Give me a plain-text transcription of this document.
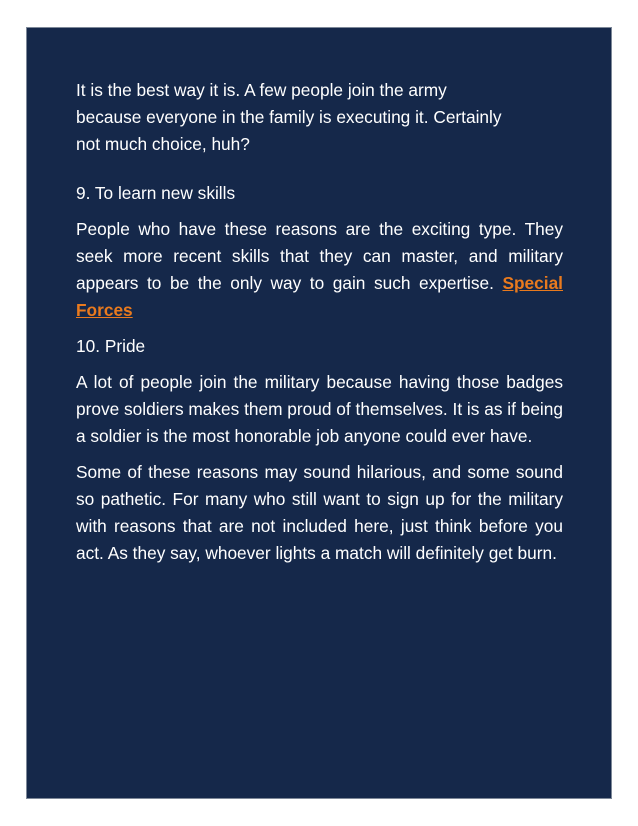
It is the best way it is. A few people join the army
because everyone in the family is executing it. Certainly
not much choice, huh?

9. To learn new skills

People who have these reasons are the exciting type. They seek more recent skills that they can master, and military appears to be the only way to gain such expertise. Special Forces

10. Pride

A lot of people join the military because having those badges prove soldiers makes them proud of themselves. It is as if being a soldier is the most honorable job anyone could ever have.

Some of these reasons may sound hilarious, and some sound so pathetic. For many who still want to sign up for the military with reasons that are not included here, just think before you act. As they say, whoever lights a match will definitely get burn.
